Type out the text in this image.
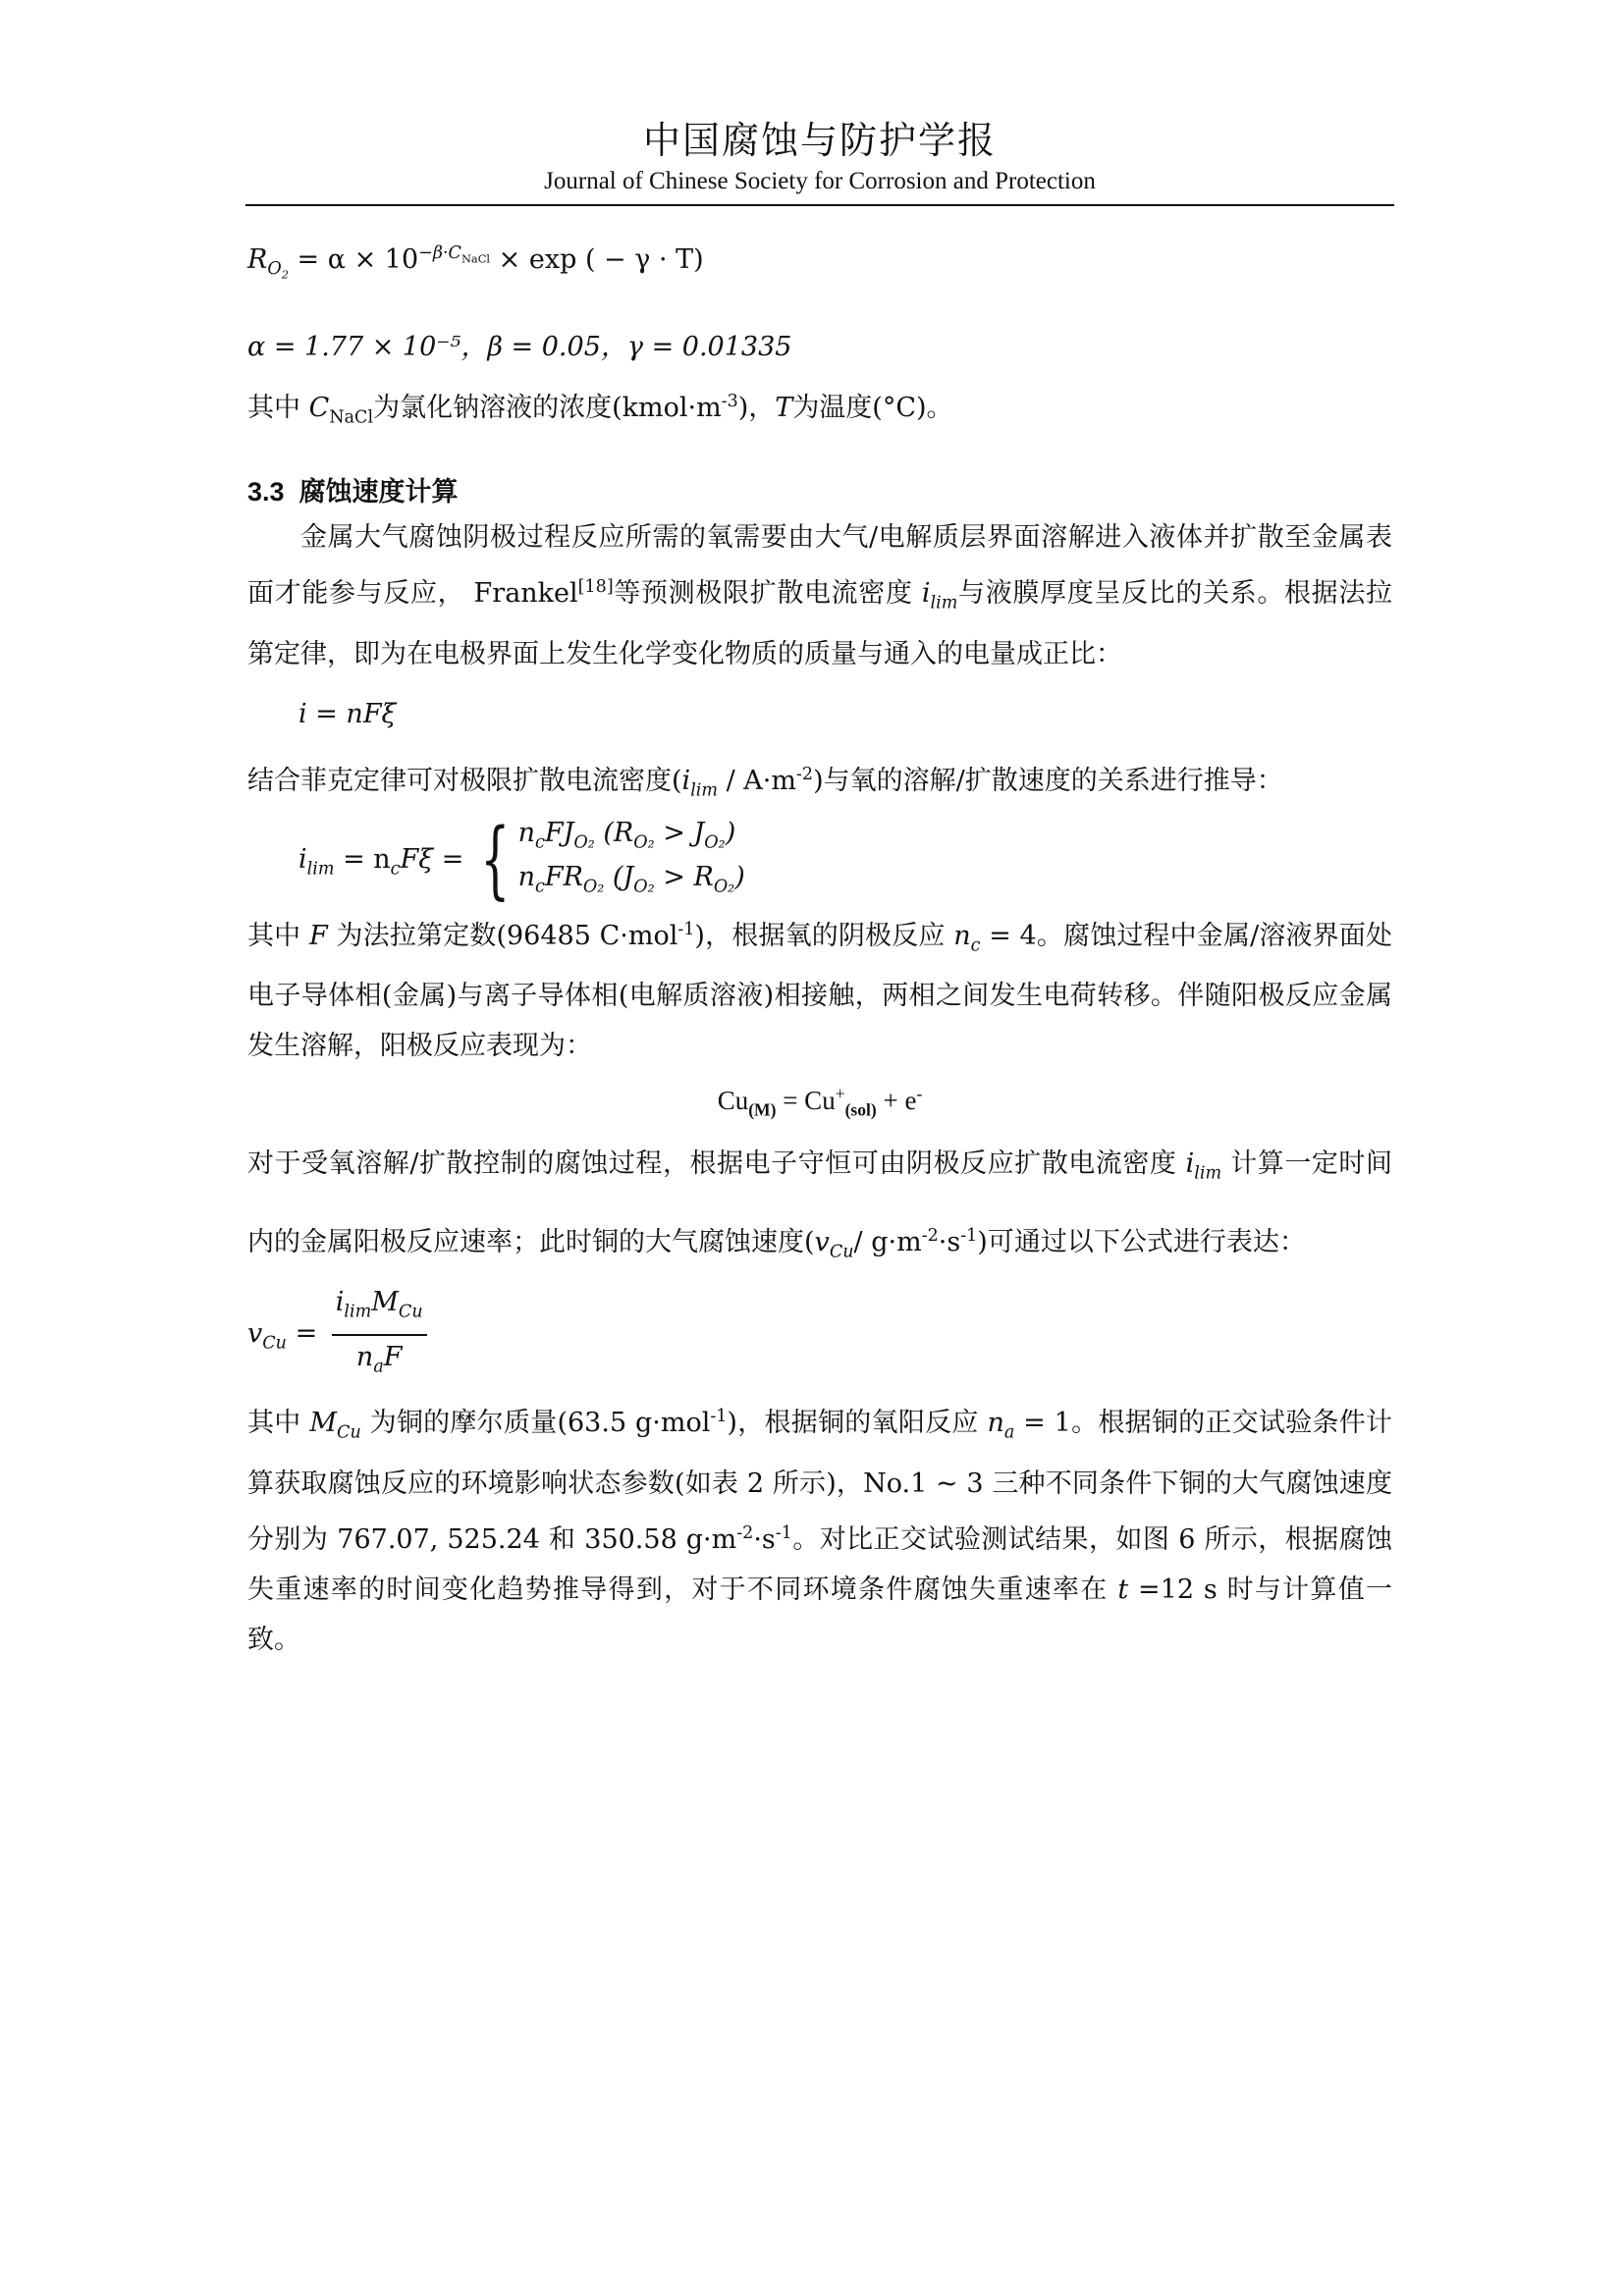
中国腐蚀与防护学报
Journal of Chinese Society for Corrosion and Protection

$R_{O_2} = \alpha \times 10^{-\beta\cdot C_{NaCl}} \times \exp$ ( − γ · T)

α = 1.77 × 10⁻⁵，β = 0.05，γ = 0.01335

其中 $C_{NaCl}$为氯化钠溶液的浓度$(kmol\cdot m^{-3})$，T为温度(°C)。

3.3 腐蚀速度计算

金属大气腐蚀阴极过程反应所需的氧需要由大气/电解质层界面溶解进入液体并扩散至金属表面才能参与反应， Frankel[18]等预测极限扩散电流密度 $i_{lim}$与液膜厚度呈反比的关系。根据法拉第定律，即为在电极界面上发生化学变化物质的质量与通入的电量成正比：

i = nFξ

结合菲克定律可对极限扩散电流密度$(i_{lim} / A\cdot m^{-2})$与氧的溶解/扩散速度的关系进行推导：

$i_{lim} = n_cF\xi$ = { $n_cFJ_{O_2}$ $(R_{O_2} > J_{O_2})$
$n_cFR_{O_2}$ $(J_{O_2} > R_{O_2})$

其中 F 为法拉第定数(96485 C·mol$^{-1}$)，根据氧的阴极反应 $n_c = 4$。腐蚀过程中金属/溶液界面处电子导体相(金属)与离子导体相(电解质溶液)相接触，两相之间发生电荷转移。伴随阳极反应金属发生溶解，阳极反应表现为：

$Cu_{(M)} = Cu^+_{(sol)} + e^-$

对于受氧溶解/扩散控制的腐蚀过程，根据电子守恒可由阴极反应扩散电流密度 $i_{lim}$ 计算一定时间内的金属阳极反应速率；此时铜的大气腐蚀速度($v_{Cu}/$ $g\cdot m^{-2}\cdot s^{-1}$)可通过以下公式进行表达：

$v_{Cu} = \frac{i_{lim}M_{Cu}}{n_aF}$

其中 $M_{Cu}$ 为铜的摩尔质量(63.5 g·mol$^{-1}$)，根据铜的氧阳反应 $n_a = 1$。根据铜的正交试验条件计算获取腐蚀反应的环境影响状态参数(如表 2 所示)，No.1 ~ 3 三种不同条件下铜的大气腐蚀速度分别为 767.07, 525.24 和 350.58 $g\cdot m^{-2}\cdot s^{-1}$。对比正交试验测试结果，如图 6 所示，根据腐蚀失重速率的时间变化趋势推导得到，对于不同环境条件腐蚀失重速率在 t =12 s 时与计算值一致。
